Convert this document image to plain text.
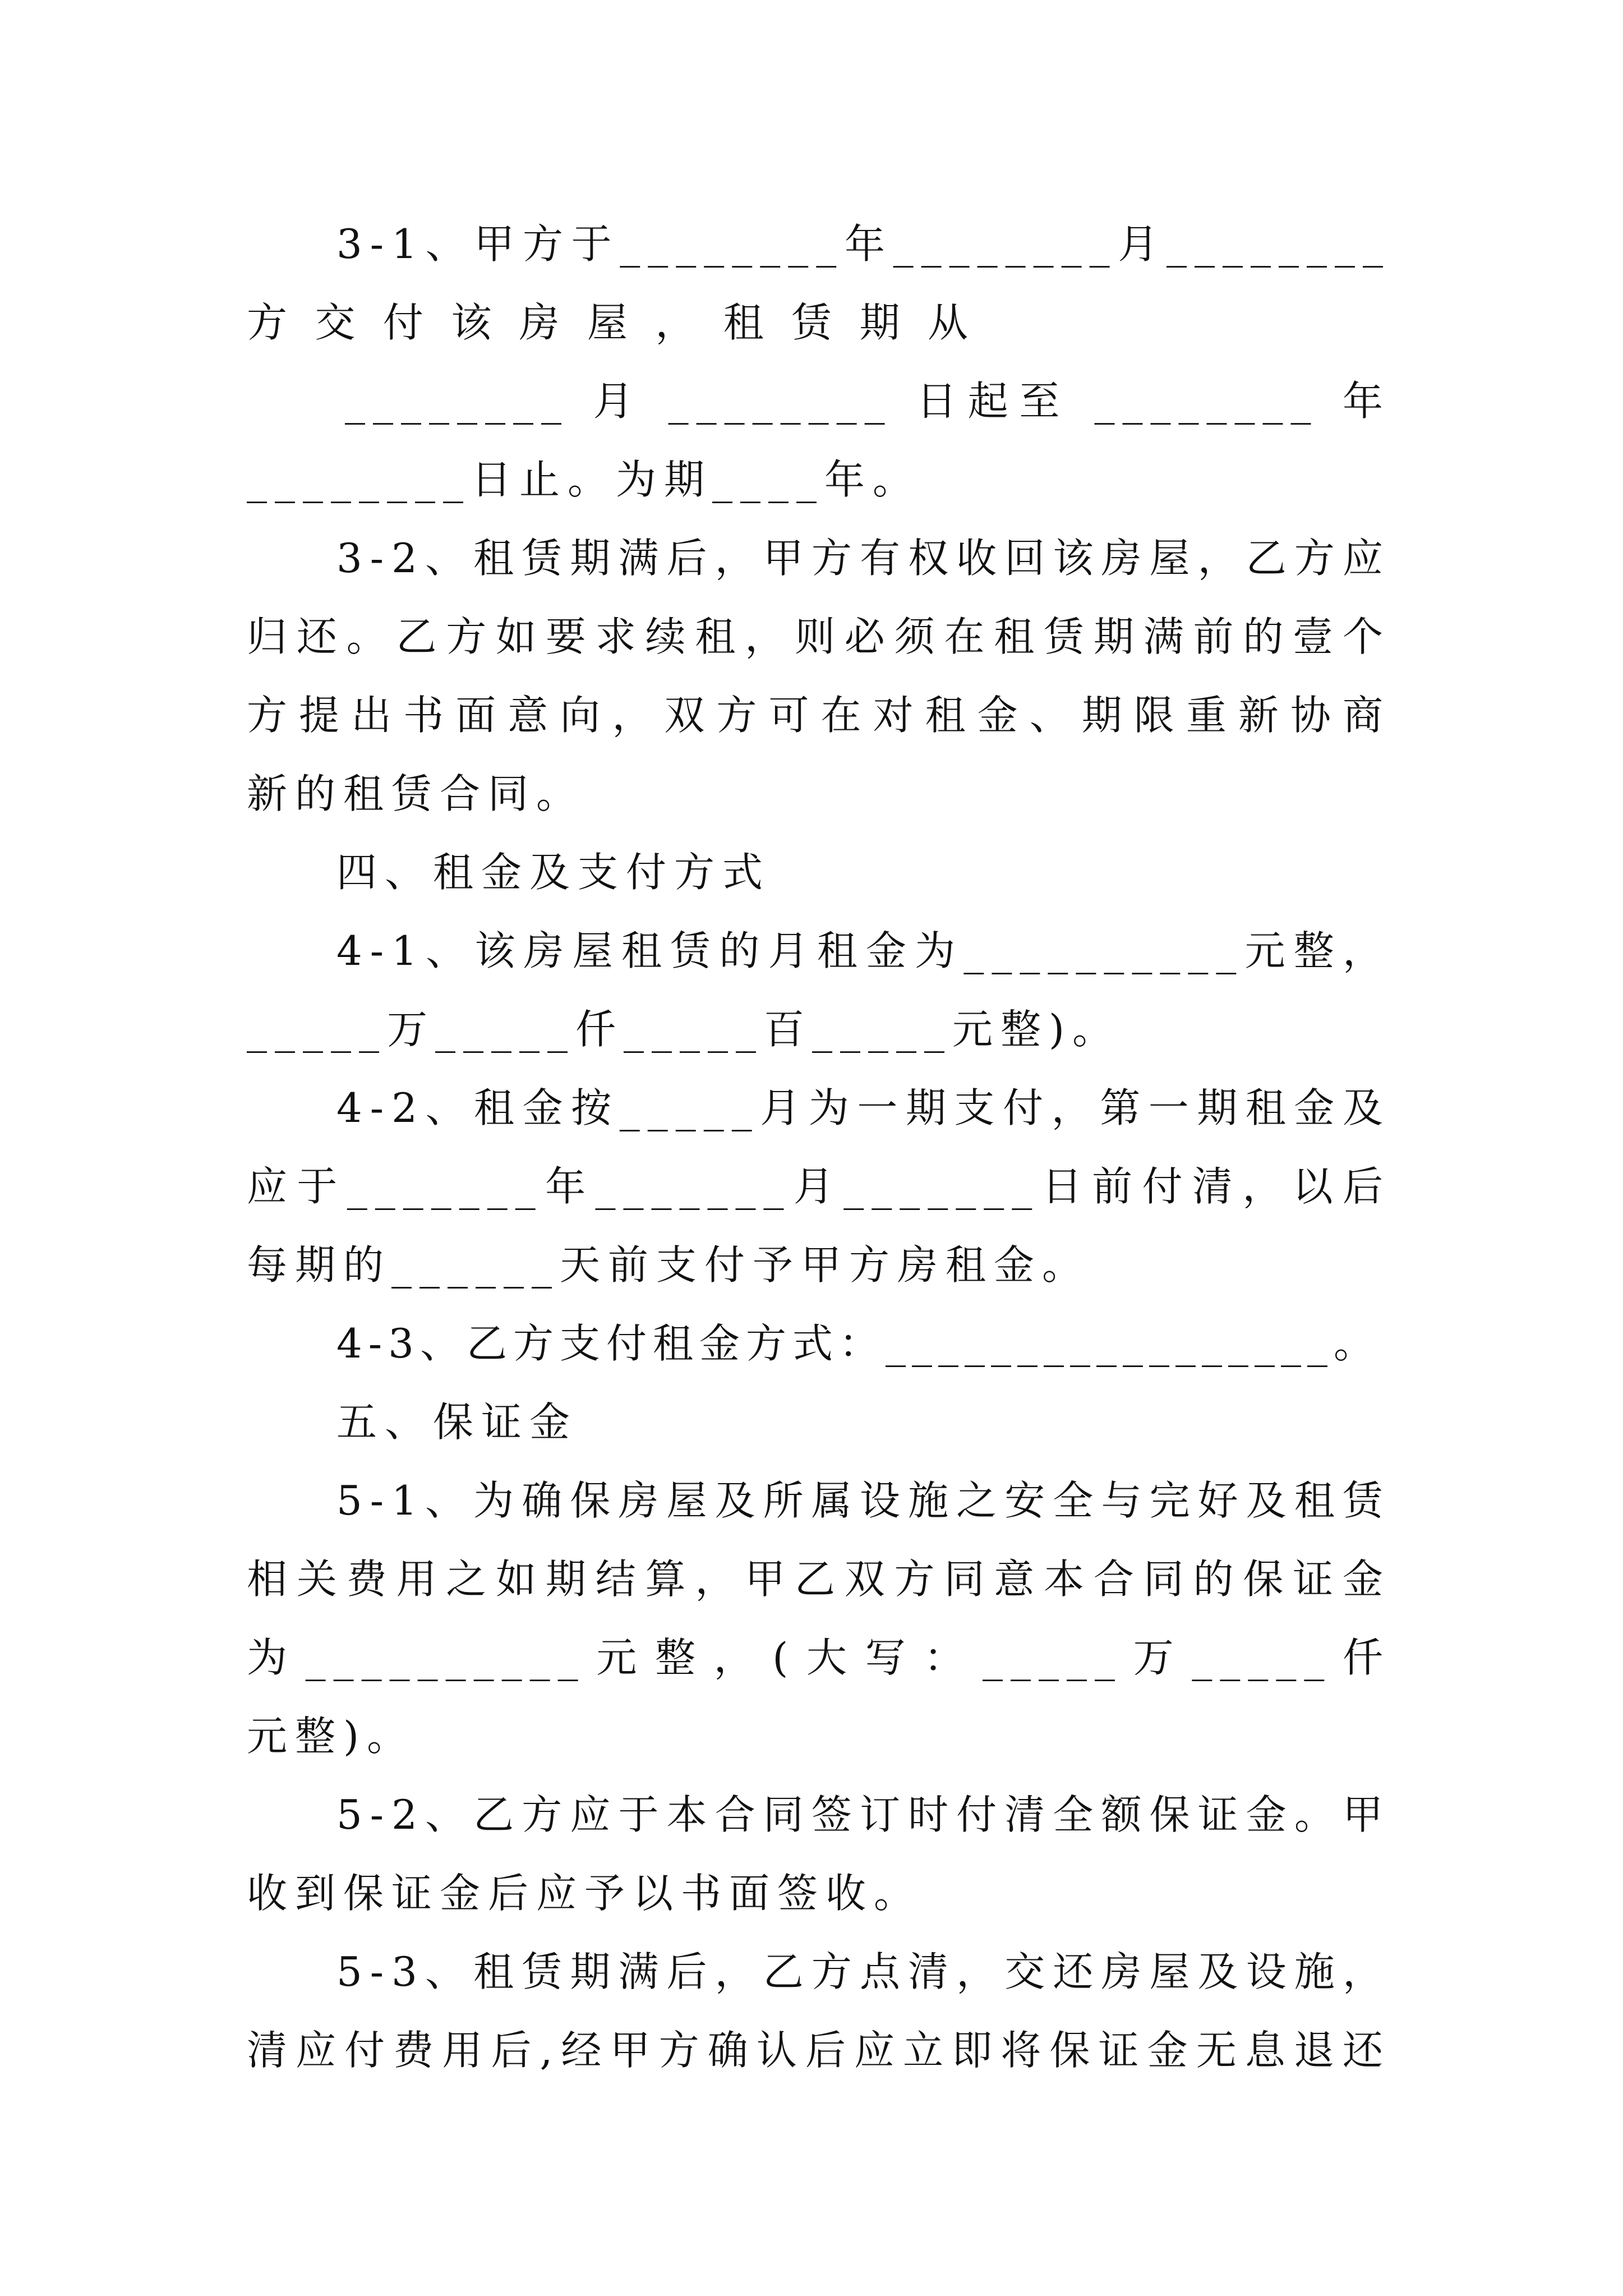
3-1、甲方于________年________月________
方交付该房屋，租赁期从
________ 月 ________ 日起至 ________ 年
________日止。为期____年。
3-2、租赁期满后，甲方有权收回该房屋，乙方应
归还。乙方如要求续租，则必须在租赁期满前的壹个
方提出书面意向，双方可在对租金、期限重新协商
新的租赁合同。
四、租金及支付方式
4-1、该房屋租赁的月租金为__________元整，
_____万_____仟_____百_____元整)。
4-2、租金按_____月为一期支付，第一期租金及
应于_______年_______月_______日前付清，以后
每期的______天前支付予甲方房租金。
4-3、乙方支付租金方式：_________________。
五、保证金
5-1、为确保房屋及所属设施之安全与完好及租赁
相关费用之如期结算，甲乙双方同意本合同的保证金
为__________元整，(大写：_____万_____仟
元整)。
5-2、乙方应于本合同签订时付清全额保证金。甲
收到保证金后应予以书面签收。
5-3、租赁期满后，乙方点清，交还房屋及设施，
清应付费用后,经甲方确认后应立即将保证金无息退还
